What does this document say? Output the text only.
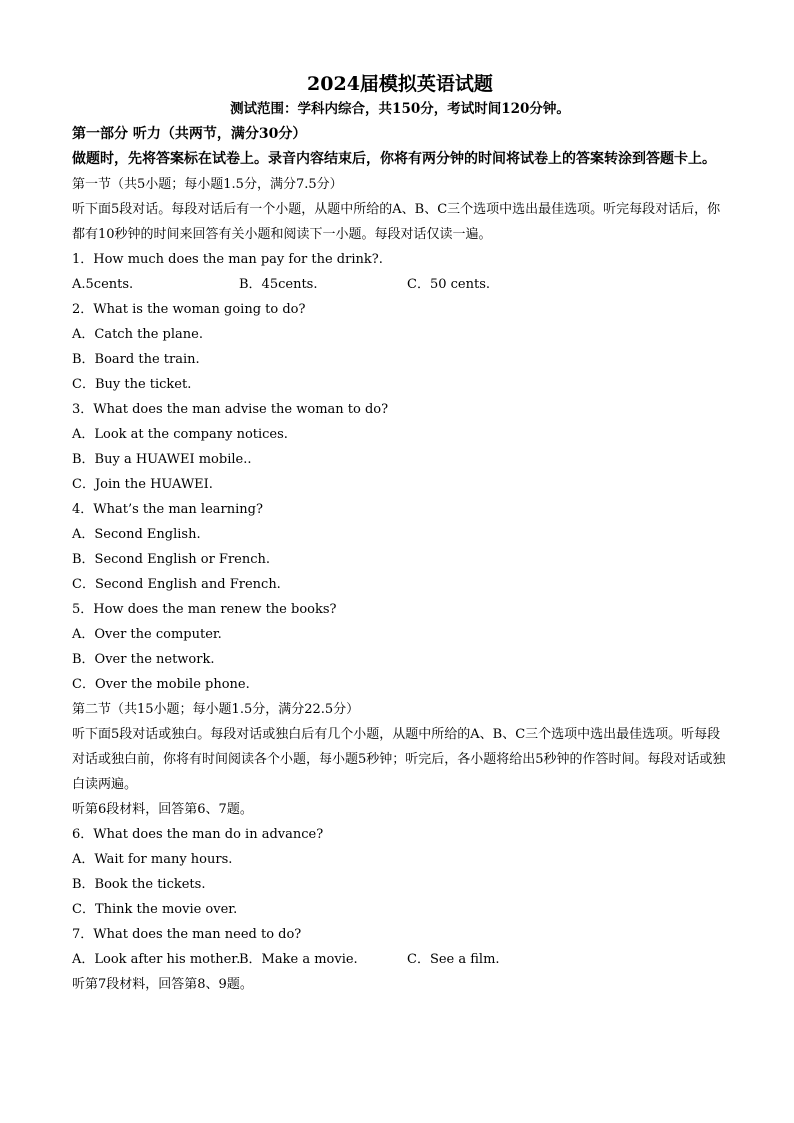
2024届模拟英语试题

测试范围：学科内综合，共150分，考试时间120分钟。

第一部分 听力（共两节，满分30分）

做题时，先将答案标在试卷上。录音内容结束后，你将有两分钟的时间将试卷上的答案转涂到答题卡上。

第一节（共5小题；每小题1.5分，满分7.5分）

听下面5段对话。每段对话后有一个小题，从题中所给的A、B、C三个选项中选出最佳选项。听完每段对话后，你都有10秒钟的时间来回答有关小题和阅读下一小题。每段对话仅读一遍。

1．How much does the man pay for the drink?.

A.5cents.	B．45cents.	C．50 cents.

2．What is the woman going to do?

A．Catch the plane.

B．Board the train.

C．Buy the ticket.

3．What does the man advise the woman to do?

A．Look at the company notices.

B．Buy a HUAWEI mobile..

C．Join the HUAWEI.

4．What’s the man learning?

A．Second English.

B．Second English or French.

C．Second English and French.

5．How does the man renew the books?

A．Over the computer.

B．Over the network.

C．Over the mobile phone.

第二节（共15小题；每小题1.5分，满分22.5分）

听下面5段对话或独白。每段对话或独白后有几个小题，从题中所给的A、B、C三个选项中选出最佳选项。听每段对话或独白前，你将有时间阅读各个小题，每小题5秒钟；听完后，各小题将给出5秒钟的作答时间。每段对话或独白读两遍。

听第6段材料，回答第6、7题。

6．What does the man do in advance?

A．Wait for many hours.

B．Book the tickets.

C．Think the movie over.

7．What does the man need to do?

A．Look after his mother.
B．Make a movie.	C．See a film.

听第7段材料，回答第8、9题。
